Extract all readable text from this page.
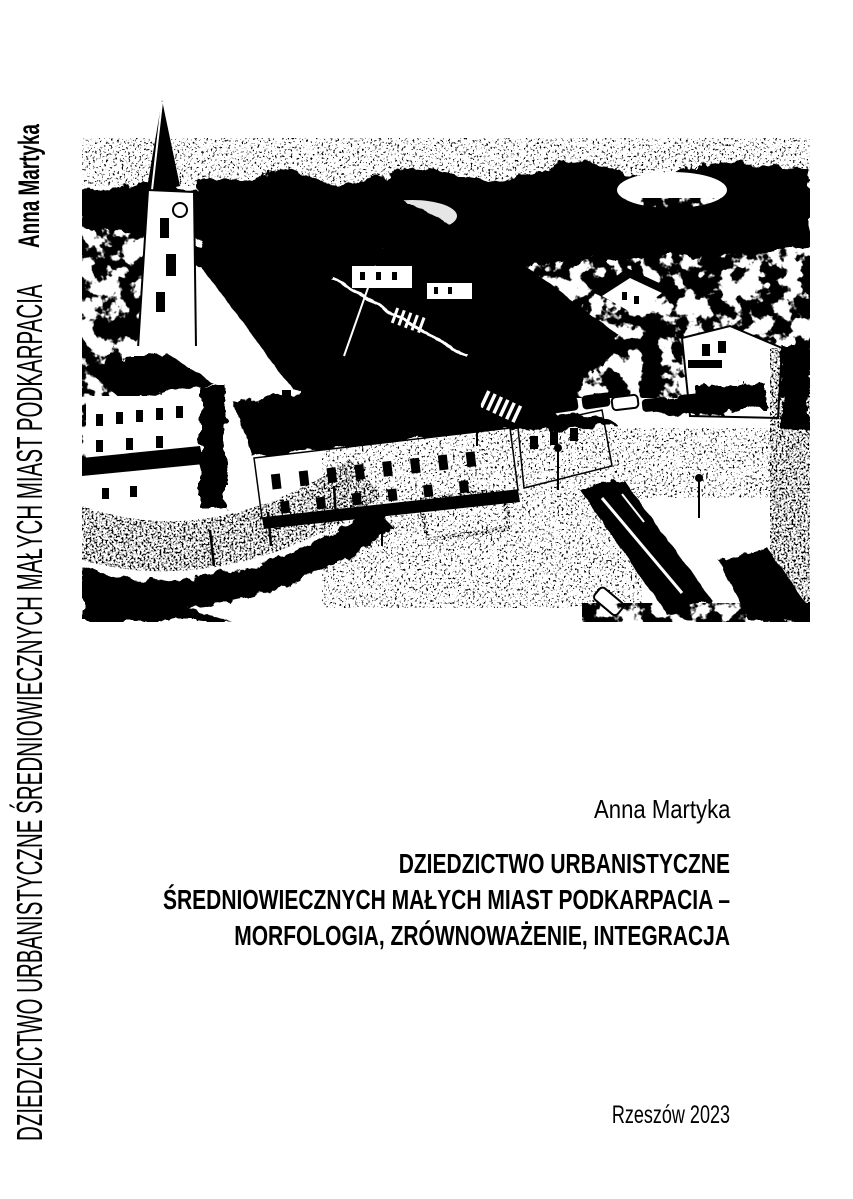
Anna Martyka
DZIEDZICTWO URBANISTYCZNE ŚREDNIOWIECZNYCH MAŁYCH MIAST PODKARPACIA	Anna Martyka
DZIEDZICTWO URBANISTYCZNE
ŚREDNIOWIECZNYCH MAŁYCH MIAST PODKARPACIA –
MORFOLOGIA, ZRÓWNOWAŻENIE, INTEGRACJA
Rzeszów 2023
